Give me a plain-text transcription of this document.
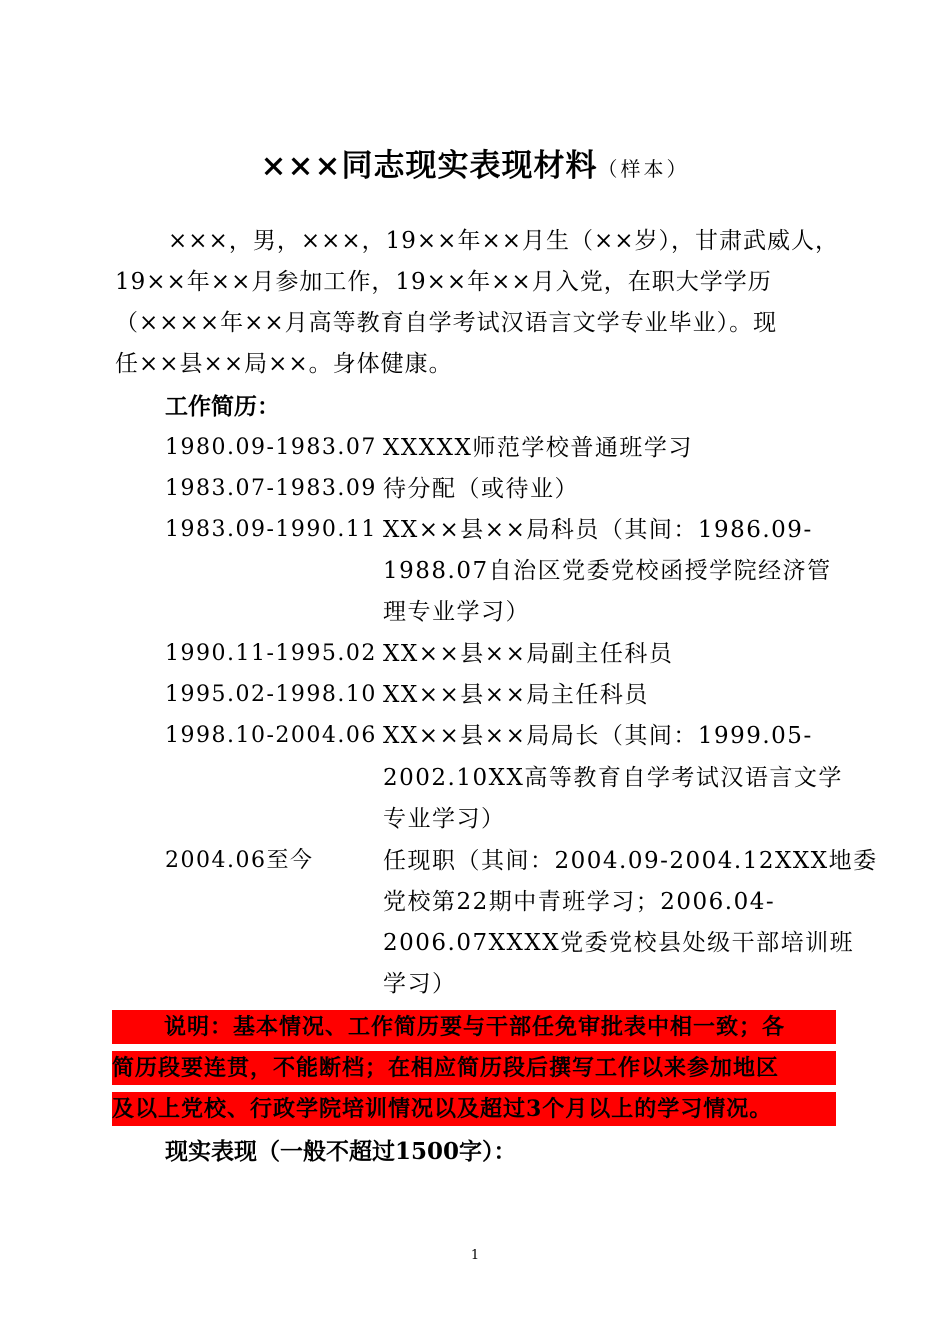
×××同志现实表现材料（样本）
×××，男，×××，19××年××月生（××岁），甘肃武威人，
19××年××月参加工作，19××年××月入党，在职大学学历
（××××年××月高等教育自学考试汉语言文学专业毕业）。现
任××县××局××。身体健康。
工作简历：
1980.09-1983.07 XXXXX师范学校普通班学习
1983.07-1983.09 待分配（或待业）
1983.09-1990.11 XX××县××局科员（其间：1986.09-
1988.07自治区党委党校函授学院经济管
理专业学习）
1990.11-1995.02 XX××县××局副主任科员
1995.02-1998.10 XX××县××局主任科员
1998.10-2004.06 XX××县××局局长（其间：1999.05-
2002.10XX高等教育自学考试汉语言文学
专业学习）
2004.06至今	任现职（其间：2004.09-2004.12XXX地委
党校第22期中青班学习；2006.04-
2006.07XXXX党委党校县处级干部培训班
学习）
说明：基本情况、工作简历要与干部任免审批表中相一致；各
简历段要连贯，不能断档；在相应简历段后撰写工作以来参加地区
及以上党校、行政学院培训情况以及超过3个月以上的学习情况。
现实表现（一般不超过1500字）：
1
